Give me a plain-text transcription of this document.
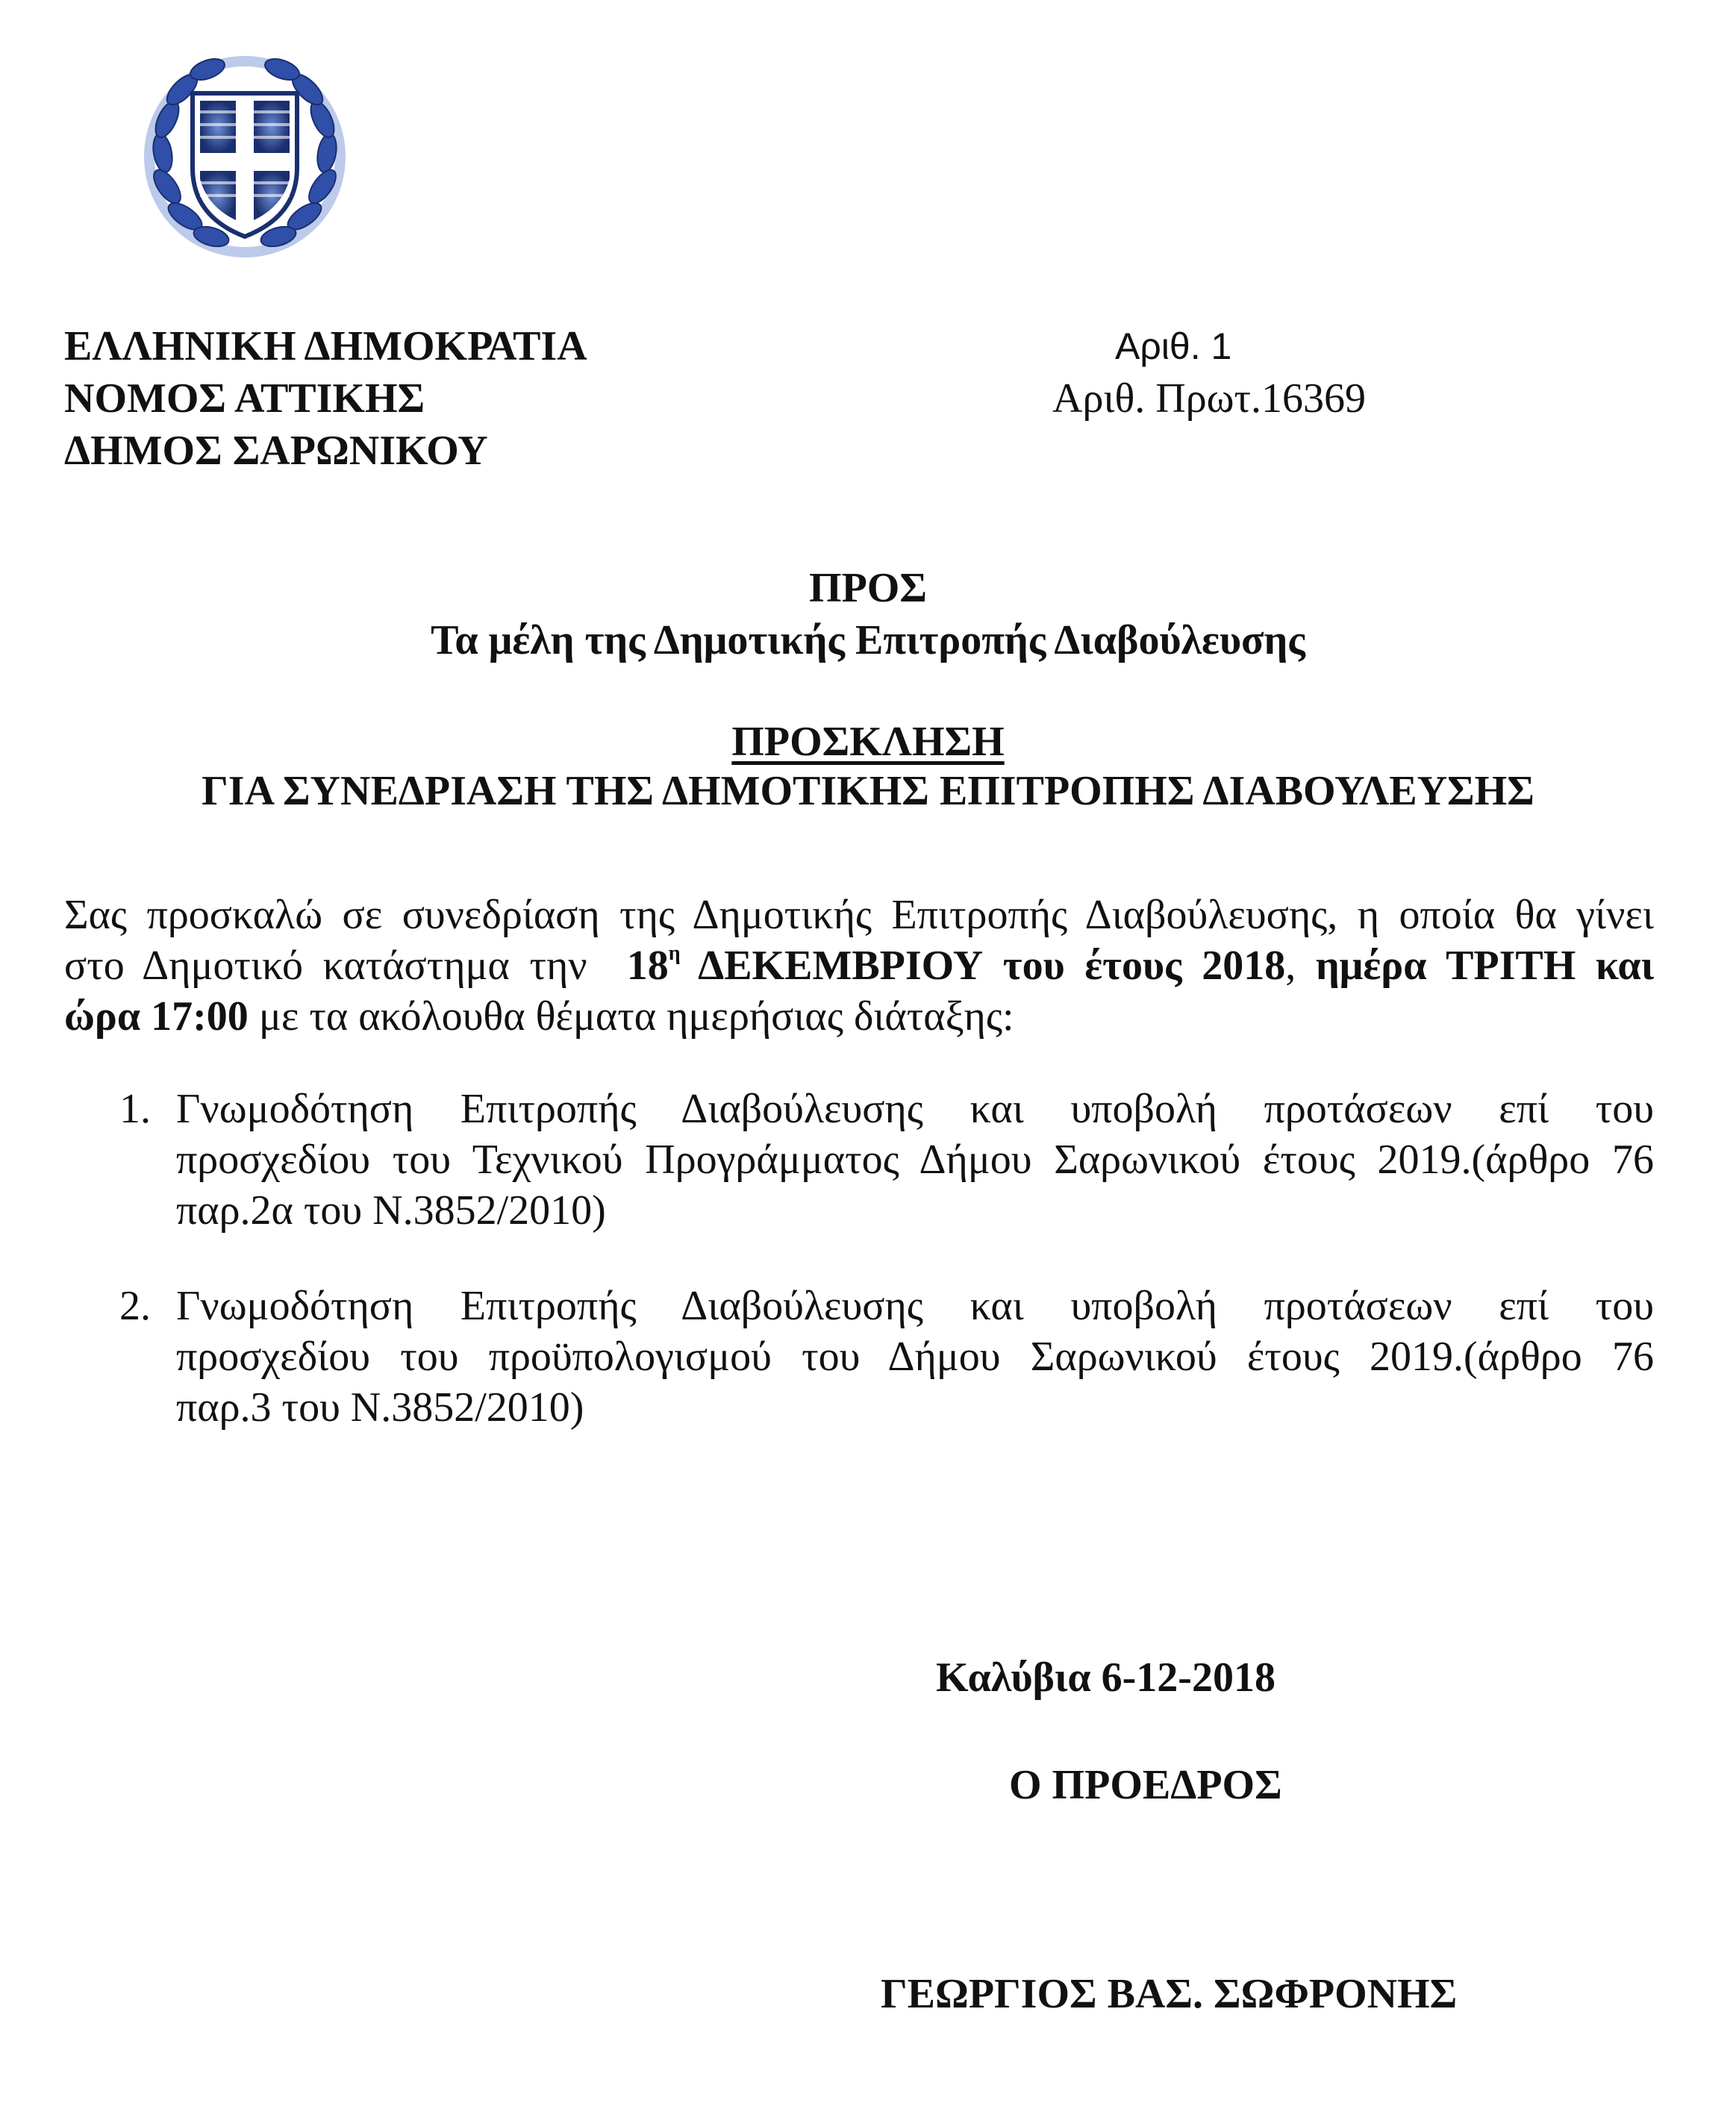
ΕΛΛΗΝΙΚΗ ΔΗΜΟΚΡΑΤΙΑ
ΝΟΜΟΣ ΑΤΤΙΚΗΣ
ΔΗΜΟΣ ΣΑΡΩΝΙΚΟΥ
Αριθ. 1
Αριθ. Πρωτ.16369
ΠΡΟΣ
Τα μέλη της Δημοτικής Επιτροπής Διαβούλευσης
ΠΡΟΣΚΛΗΣΗ
ΓΙΑ ΣΥΝΕΔΡΙΑΣΗ ΤΗΣ ΔΗΜΟΤΙΚΗΣ ΕΠΙΤΡΟΠΗΣ ΔΙΑΒΟΥΛΕΥΣΗΣ
Σας προσκαλώ σε συνεδρίαση της Δημοτικής Επιτροπής Διαβούλευσης, η οποία θα γίνει
στο Δημοτικό κατάστημα την $18^\eta$ ΔΕΚΕΜΒΡΙΟΥ του έτους 2018, ημέρα ΤΡΙΤΗ και
ώρα 17:00 με τα ακόλουθα θέματα ημερήσιας διάταξης:
1. Γνωμοδότηση Επιτροπής Διαβούλευσης και υποβολή προτάσεων επί του
προσχεδίου του Τεχνικού Προγράμματος Δήμου Σαρωνικού έτους 2019.(άρθρο 76
παρ.2α του Ν.3852/2010)
2. Γνωμοδότηση Επιτροπής Διαβούλευσης και υποβολή προτάσεων επί του
προσχεδίου του προϋπολογισμού του Δήμου Σαρωνικού έτους 2019.(άρθρο 76
παρ.3 του Ν.3852/2010)
Καλύβια 6-12-2018
Ο ΠΡΟΕΔΡΟΣ
ΓΕΩΡΓΙΟΣ ΒΑΣ. ΣΩΦΡΟΝΗΣ
